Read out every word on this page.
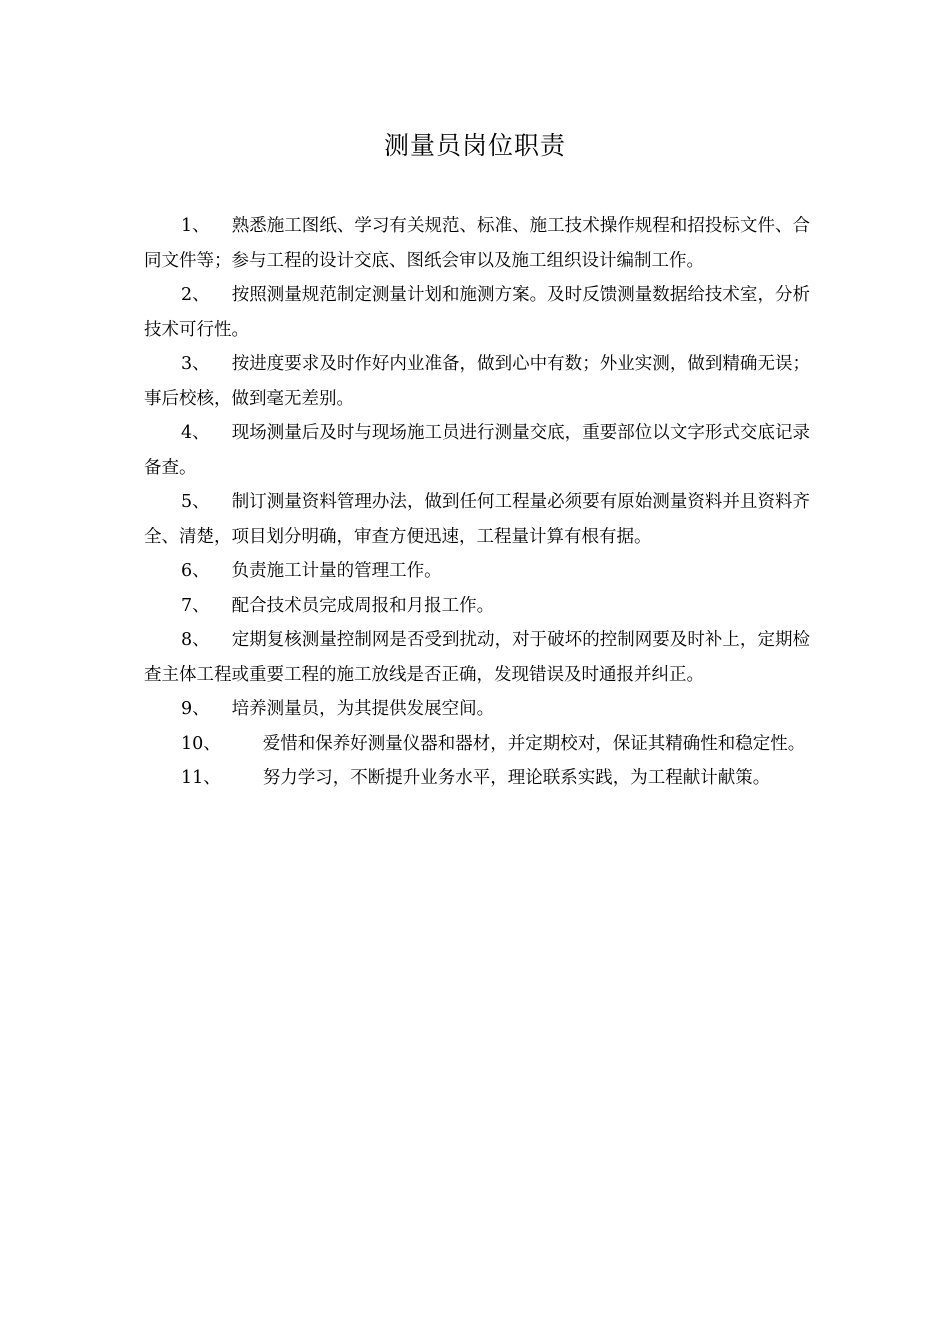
测量员岗位职责
1、 熟悉施工图纸、学习有关规范、标准、施工技术操作规程和招投标文件、合同文件等；参与工程的设计交底、图纸会审以及施工组织设计编制工作。
2、 按照测量规范制定测量计划和施测方案。及时反馈测量数据给技术室，分析技术可行性。
3、 按进度要求及时作好内业准备，做到心中有数；外业实测，做到精确无误；事后校核，做到毫无差别。
4、 现场测量后及时与现场施工员进行测量交底，重要部位以文字形式交底记录备查。
5、 制订测量资料管理办法，做到任何工程量必须要有原始测量资料并且资料齐全、清楚，项目划分明确，审查方便迅速，工程量计算有根有据。
6、 负责施工计量的管理工作。
7、 配合技术员完成周报和月报工作。
8、 定期复核测量控制网是否受到扰动，对于破坏的控制网要及时补上，定期检查主体工程或重要工程的施工放线是否正确，发现错误及时通报并纠正。
9、 培养测量员，为其提供发展空间。
10、 爱惜和保养好测量仪器和器材，并定期校对，保证其精确性和稳定性。
11、 努力学习，不断提升业务水平，理论联系实践，为工程献计献策。
